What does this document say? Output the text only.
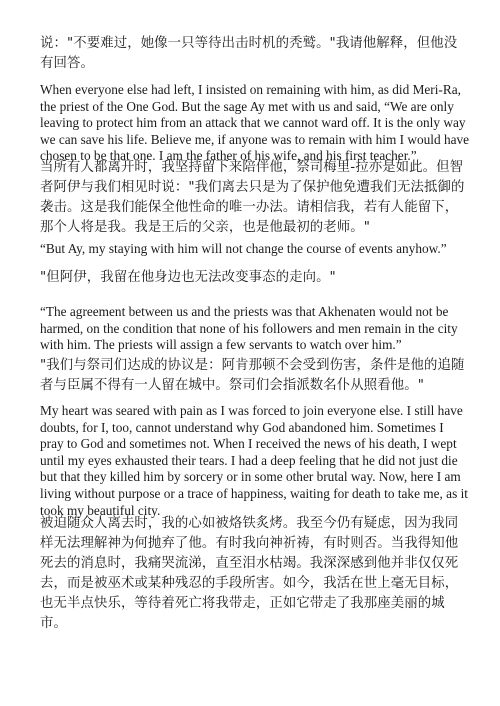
说："不要难过，她像一只等待出击时机的秃鹫。"我请他解释，但他没有回答。

When everyone else had left, I insisted on remaining with him, as did Meri-Ra, the priest of the One God. But the sage Ay met with us and said, “We are only leaving to protect him from an attack that we cannot ward off. It is the only way we can save his life. Believe me, if anyone was to remain with him I would have chosen to be that one. I am the father of his wife, and his first teacher.”

当所有人都离开时，我坚持留下来陪伴他，祭司梅里-拉亦是如此。但智者阿伊与我们相见时说："我们离去只是为了保护他免遭我们无法抵御的袭击。这是我们能保全他性命的唯一办法。请相信我，若有人能留下，那个人将是我。我是王后的父亲，也是他最初的老师。"

“But Ay, my staying with him will not change the course of events anyhow.”

"但阿伊，我留在他身边也无法改变事态的走向。"

“The agreement between us and the priests was that Akhenaten would not be harmed, on the condition that none of his followers and men remain in the city with him. The priests will assign a few servants to watch over him.”

"我们与祭司们达成的协议是：阿肯那顿不会受到伤害，条件是他的追随者与臣属不得有一人留在城中。祭司们会指派数名仆从照看他。"

My heart was seared with pain as I was forced to join everyone else. I still have doubts, for I, too, cannot understand why God abandoned him. Sometimes I pray to God and sometimes not. When I received the news of his death, I wept until my eyes exhausted their tears. I had a deep feeling that he did not just die but that they killed him by sorcery or in some other brutal way. Now, here I am living without purpose or a trace of happiness, waiting for death to take me, as it took my beautiful city.

被迫随众人离去时，我的心如被烙铁炙烤。我至今仍有疑虑，因为我同样无法理解神为何抛弃了他。有时我向神祈祷，有时则否。当我得知他死去的消息时，我痛哭流涕，直至泪水枯竭。我深深感到他并非仅仅死去，而是被巫术或某种残忍的手段所害。如今，我活在世上毫无目标，也无半点快乐，等待着死亡将我带走，正如它带走了我那座美丽的城市。
